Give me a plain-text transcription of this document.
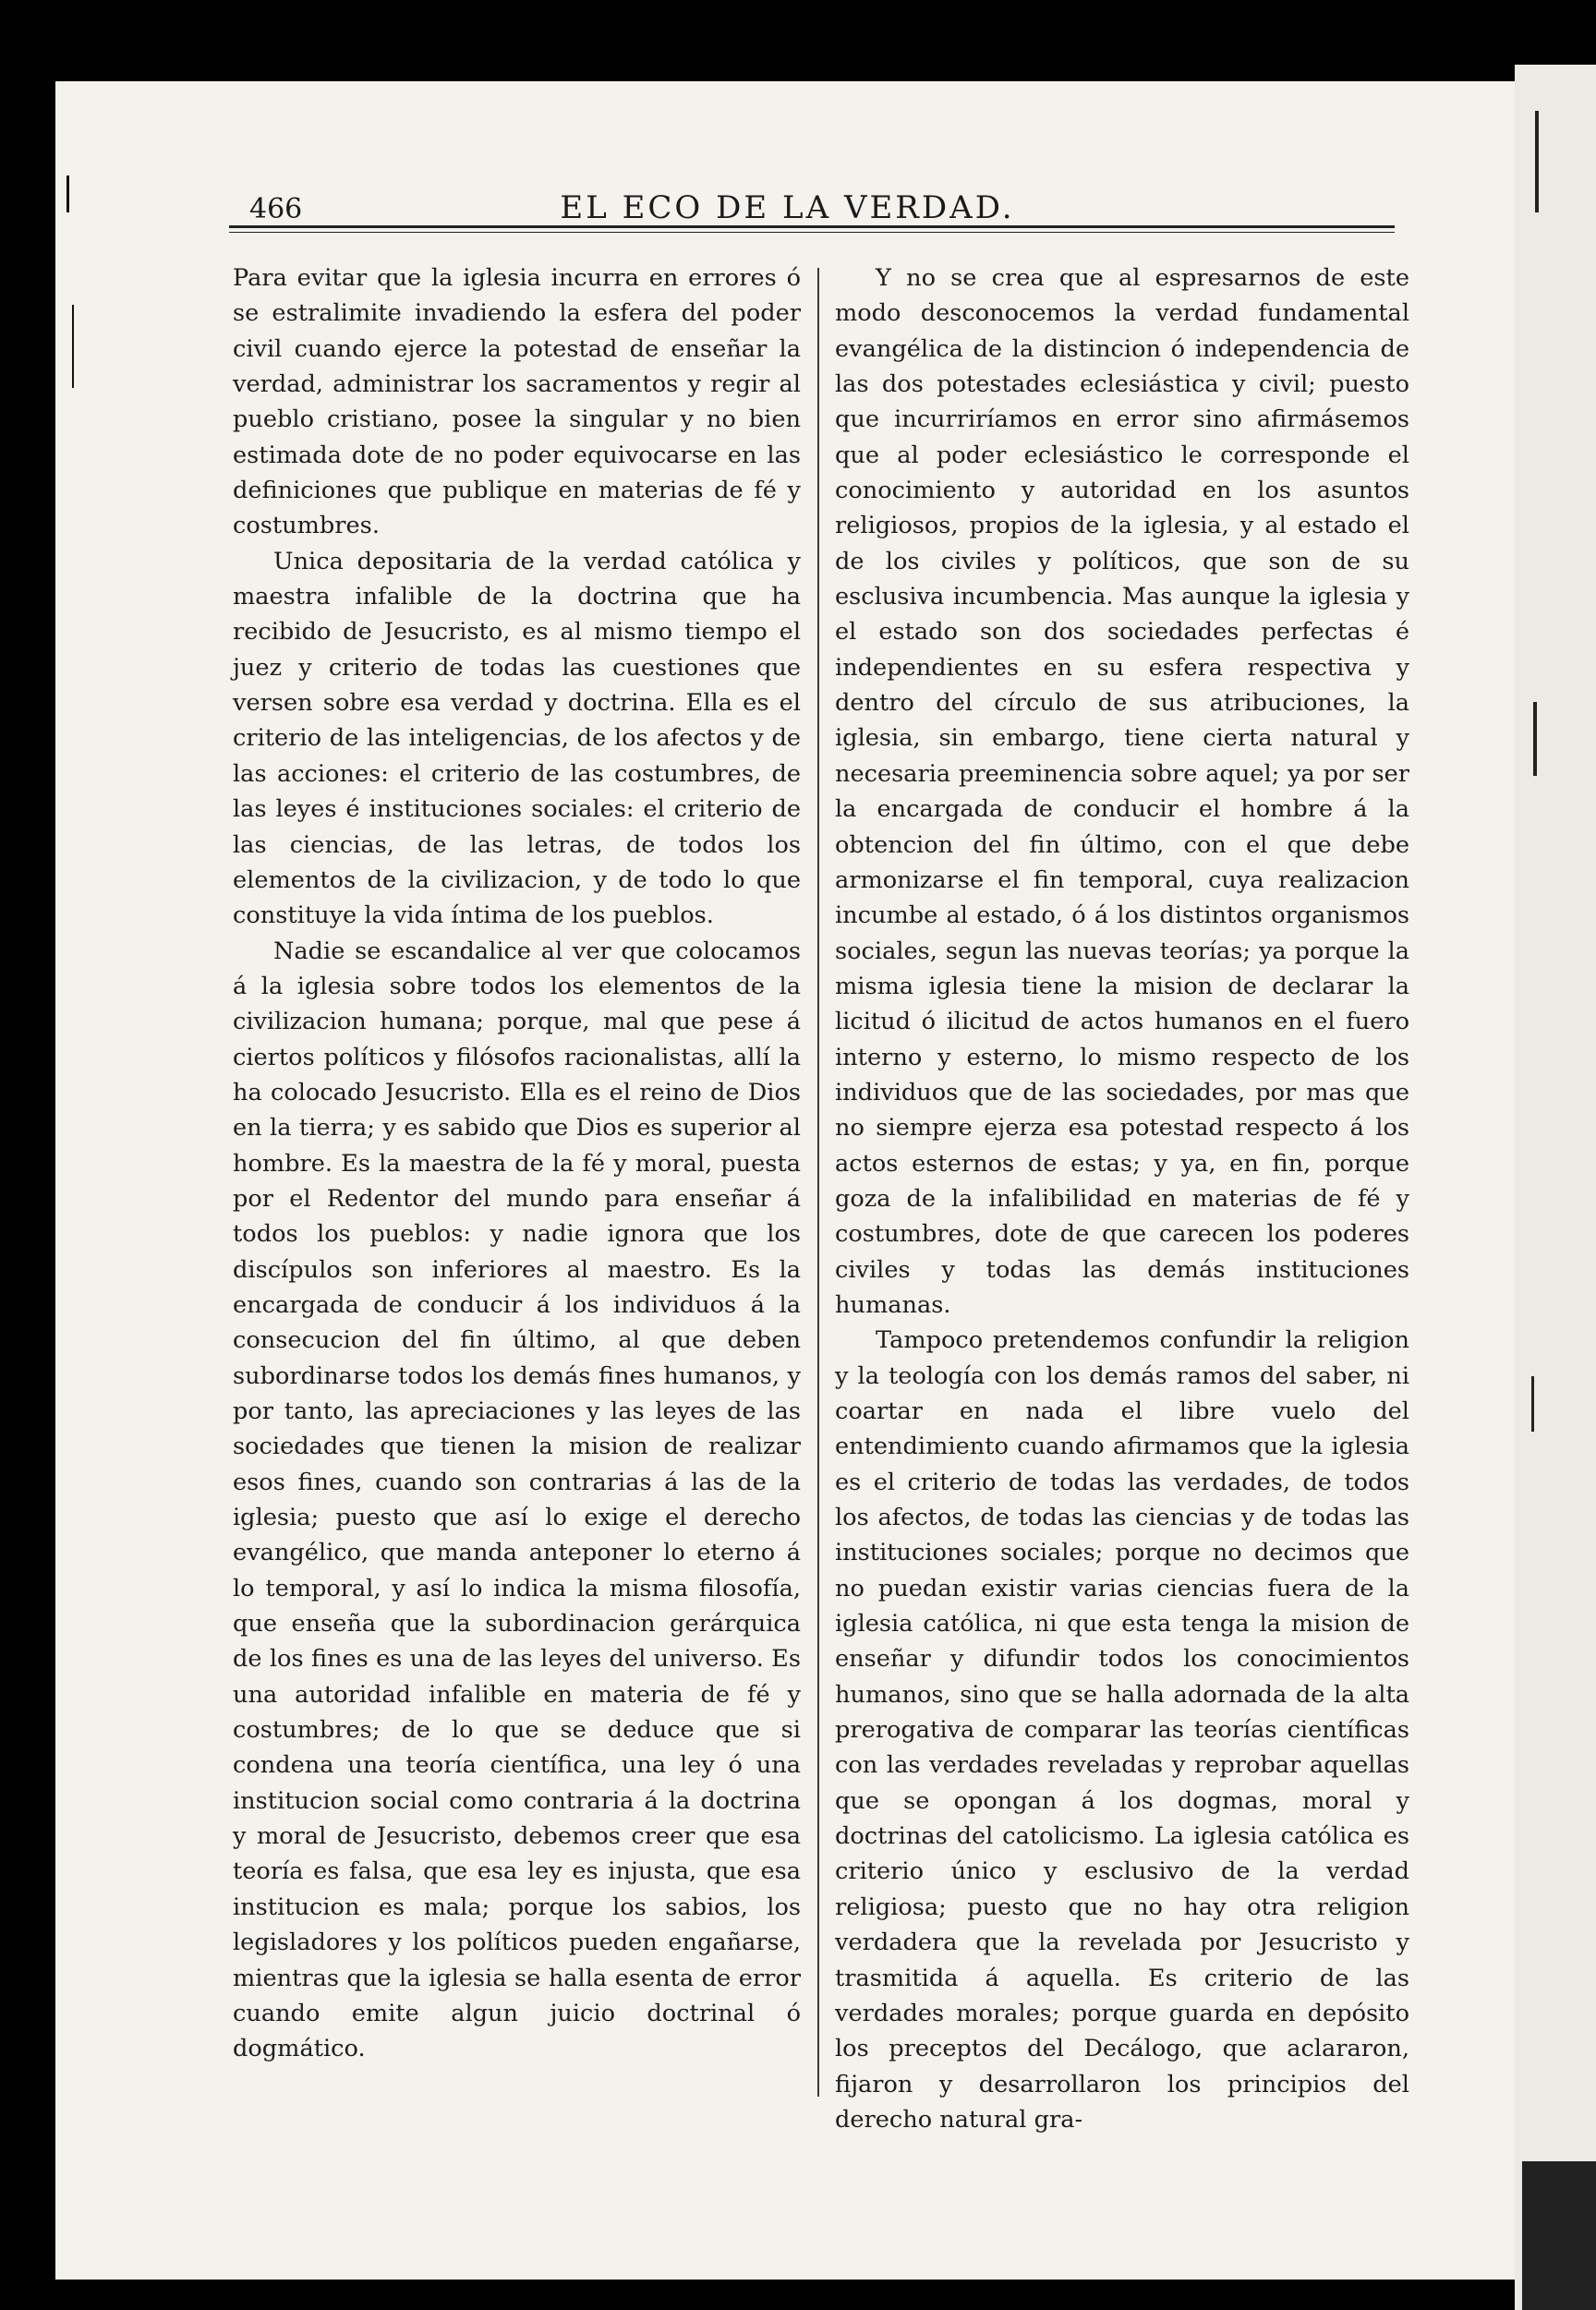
466	EL ECO DE LA VERDAD.

Para evitar que la iglesia incurra en errores ó se estralimite invadiendo la esfera del poder civil cuando ejerce la potestad de enseñar la verdad, administrar los sacramentos y regir al pueblo cristiano, posee la singular y no bien estimada dote de no poder equivocarse en las definiciones que publique en materias de fé y costumbres.

Unica depositaria de la verdad católica y maestra infalible de la doctrina que ha recibido de Jesucristo, es al mismo tiempo el juez y criterio de todas las cuestiones que versen sobre esa verdad y doctrina. Ella es el criterio de las inteligencias, de los afectos y de las acciones: el criterio de las costumbres, de las leyes é instituciones sociales: el criterio de las ciencias, de las letras, de todos los elementos de la civilizacion, y de todo lo que constituye la vida íntima de los pueblos.

Nadie se escandalice al ver que colocamos á la iglesia sobre todos los elementos de la civilizacion humana; porque, mal que pese á ciertos políticos y filósofos racionalistas, allí la ha colocado Jesucristo. Ella es el reino de Dios en la tierra; y es sabido que Dios es superior al hombre. Es la maestra de la fé y moral, puesta por el Redentor del mundo para enseñar á todos los pueblos: y nadie ignora que los discípulos son inferiores al maestro. Es la encargada de conducir á los individuos á la consecucion del fin último, al que deben subordinarse todos los demás fines humanos, y por tanto, las apreciaciones y las leyes de las sociedades que tienen la mision de realizar esos fines, cuando son contrarias á las de la iglesia; puesto que así lo exige el derecho evangélico, que manda anteponer lo eterno á lo temporal, y así lo indica la misma filosofía, que enseña que la subordinacion gerárquica de los fines es una de las leyes del universo. Es una autoridad infalible en materia de fé y costumbres; de lo que se deduce que si condena una teoría científica, una ley ó una institucion social como contraria á la doctrina y moral de Jesucristo, debemos creer que esa teoría es falsa, que esa ley es injusta, que esa institucion es mala; porque los sabios, los legisladores y los políticos pueden engañarse, mientras que la iglesia se halla esenta de error cuando emite algun juicio doctrinal ó dogmático.

Y no se crea que al espresarnos de este modo desconocemos la verdad fundamental evangélica de la distincion ó independencia de las dos potestades eclesiástica y civil; puesto que incurriríamos en error sino afirmásemos que al poder eclesiástico le corresponde el conocimiento y autoridad en los asuntos religiosos, propios de la iglesia, y al estado el de los civiles y políticos, que son de su esclusiva incumbencia. Mas aunque la iglesia y el estado son dos sociedades perfectas é independientes en su esfera respectiva y dentro del círculo de sus atribuciones, la iglesia, sin embargo, tiene cierta natural y necesaria preeminencia sobre aquel; ya por ser la encargada de conducir el hombre á la obtencion del fin último, con el que debe armonizarse el fin temporal, cuya realizacion incumbe al estado, ó á los distintos organismos sociales, segun las nuevas teorías; ya porque la misma iglesia tiene la mision de declarar la licitud ó ilicitud de actos humanos en el fuero interno y esterno, lo mismo respecto de los individuos que de las sociedades, por mas que no siempre ejerza esa potestad respecto á los actos esternos de estas; y ya, en fin, porque goza de la infalibilidad en materias de fé y costumbres, dote de que carecen los poderes civiles y todas las demás instituciones humanas.

Tampoco pretendemos confundir la religion y la teología con los demás ramos del saber, ni coartar en nada el libre vuelo del entendimiento cuando afirmamos que la iglesia es el criterio de todas las verdades, de todos los afectos, de todas las ciencias y de todas las instituciones sociales; porque no decimos que no puedan existir varias ciencias fuera de la iglesia católica, ni que esta tenga la mision de enseñar y difundir todos los conocimientos humanos, sino que se halla adornada de la alta prerogativa de comparar las teorías científicas con las verdades reveladas y reprobar aquellas que se opongan á los dogmas, moral y doctrinas del catolicismo. La iglesia católica es criterio único y esclusivo de la verdad religiosa; puesto que no hay otra religion verdadera que la revelada por Jesucristo y trasmitida á aquella. Es criterio de las verdades morales; porque guarda en depósito los preceptos del Decálogo, que aclararon, fijaron y desarrollaron los principios del derecho natural gra-
